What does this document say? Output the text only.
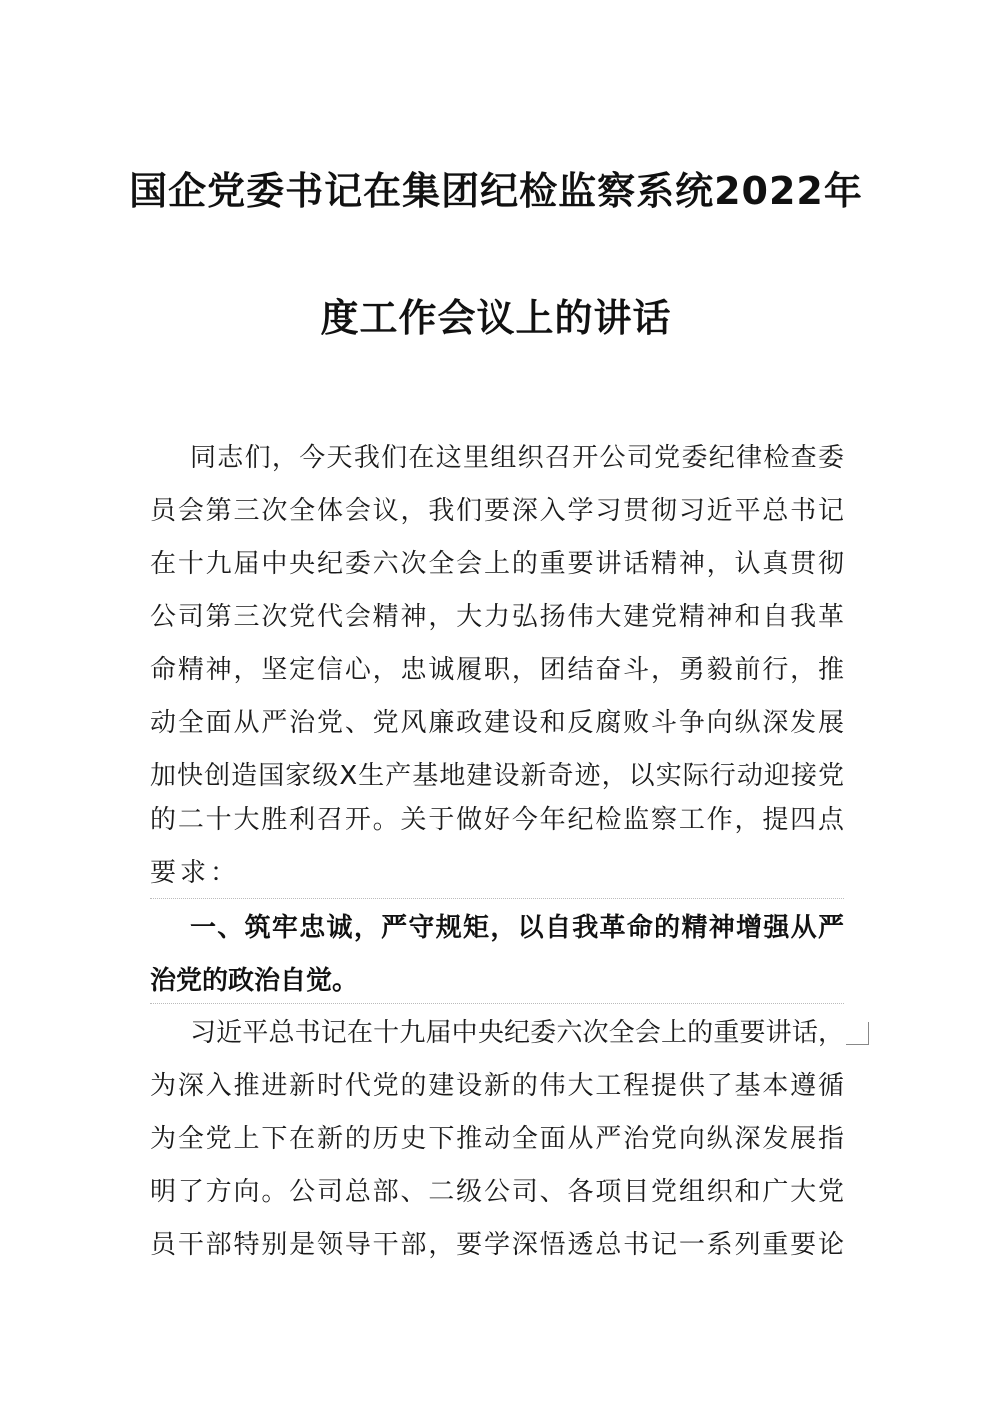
国企党委书记在集团纪检监察系统2022年
度工作会议上的讲话
同志们，今天我们在这里组织召开公司党委纪律检查委
员会第三次全体会议，我们要深入学习贯彻习近平总书记
在十九届中央纪委六次全会上的重要讲话精神，认真贯彻
公司第三次党代会精神，大力弘扬伟大建党精神和自我革
命精神，坚定信心，忠诚履职，团结奋斗，勇毅前行，推
动全面从严治党、党风廉政建设和反腐败斗争向纵深发展
加快创造国家级X生产基地建设新奇迹，以实际行动迎接党
的二十大胜利召开。关于做好今年纪检监察工作，提四点
要求：
一、筑牢忠诚，严守规矩，以自我革命的精神增强从严
治党的政治自觉。
习近平总书记在十九届中央纪委六次全会上的重要讲话，
为深入推进新时代党的建设新的伟大工程提供了基本遵循
为全党上下在新的历史下推动全面从严治党向纵深发展指
明了方向。公司总部、二级公司、各项目党组织和广大党
员干部特别是领导干部，要学深悟透总书记一系列重要论
